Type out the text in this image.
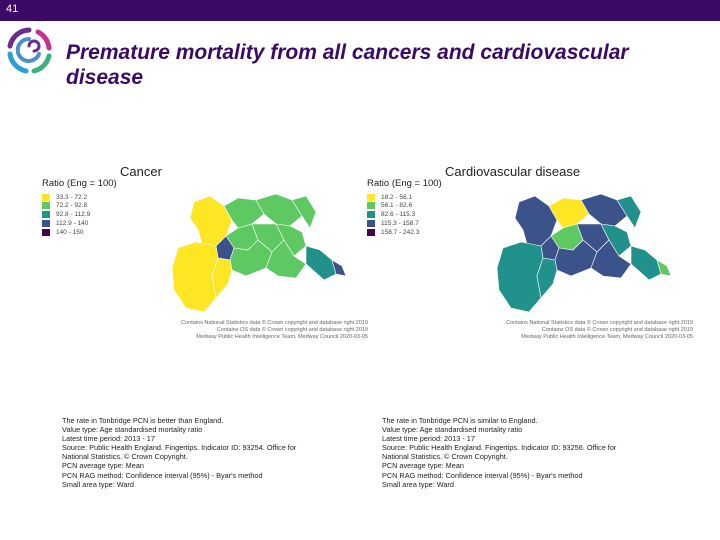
41
Premature mortality from all cancers and cardiovascular disease
Cancer
Ratio (Eng = 100)
33.3 - 72.2
72.2 - 92.8
92.8 - 112.9
112.9 - 140
140 - 150
Contains National Statistics data © Crown copyright and database right 2019
Contains OS data © Crown copyright and database right 2019
Medway Public Health Intelligence Team, Medway Council 2020-03-05
Cardiovascular disease
Ratio (Eng = 100)
18.2 - 56.1
56.1 - 82.6
82.6 - 115.3
115.3 - 158.7
158.7 - 242.3
Contains National Statistics data © Crown copyright and database right 2019
Contains OS data © Crown copyright and database right 2019
Medway Public Health Intelligence Team, Medway Council 2020-03-05
The rate in Tonbridge PCN is better than England.
Value type: Age standardised mortality ratio
Latest time period: 2013 - 17
Source: Public Health England. Fingertips. Indicator ID: 93254. Office for
National Statistics. © Crown Copyright.
PCN average type: Mean
PCN RAG method: Confidence interval (95%) - Byar's method
Small area type: Ward
The rate in Tonbridge PCN is similar to England.
Value type: Age standardised mortality ratio
Latest time period: 2013 - 17
Source: Public Health England. Fingertips. Indicator ID: 93256. Office for
National Statistics. © Crown Copyright.
PCN average type: Mean
PCN RAG method: Confidence interval (95%) - Byar's method
Small area type: Ward
